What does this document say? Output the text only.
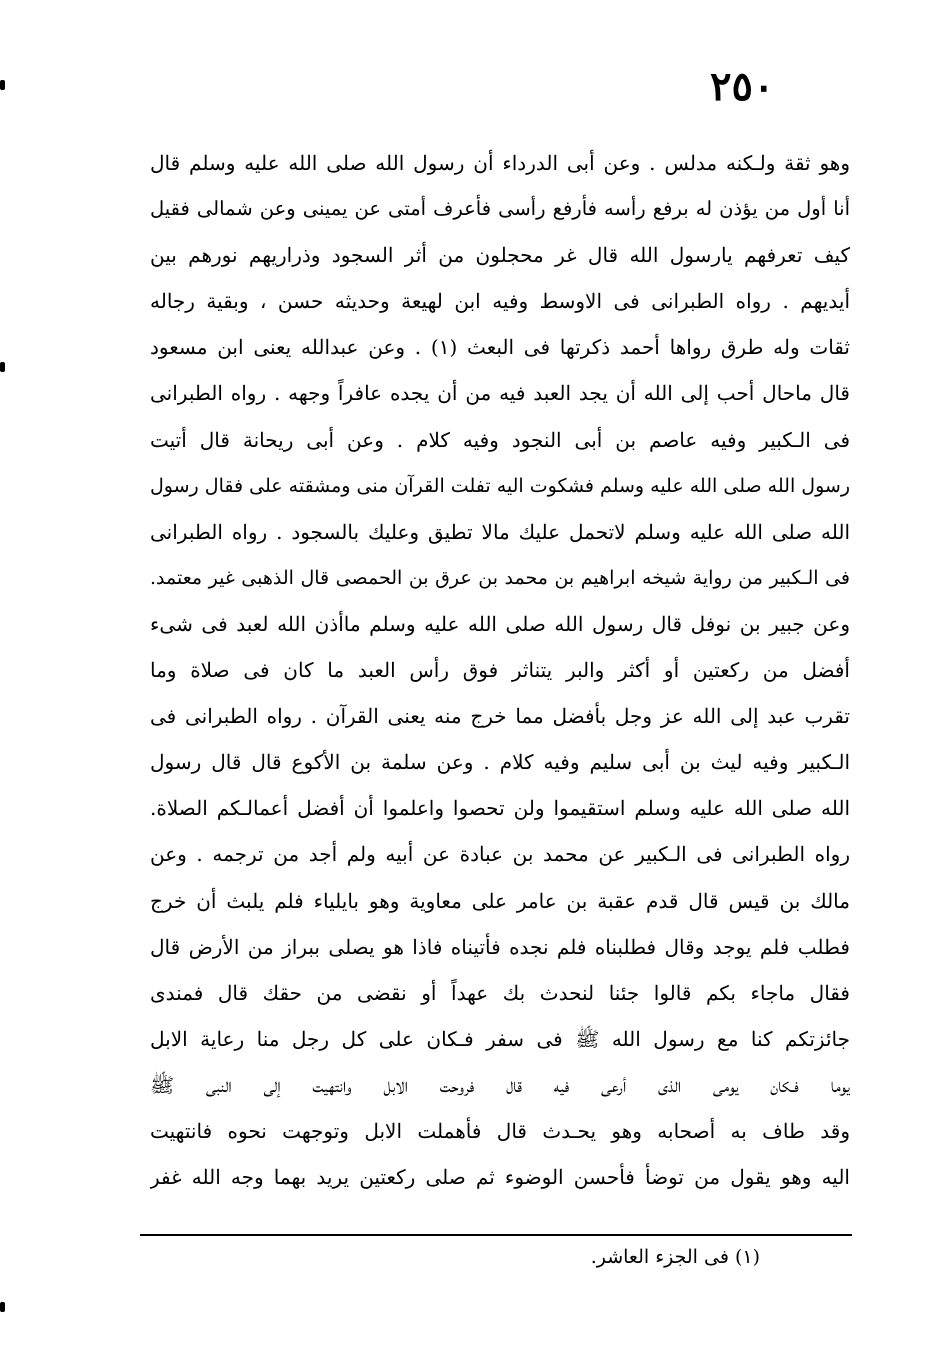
٢٥٠
وهو ثقة ولـكنه مدلس . وعن أبى الدرداء أن رسول الله صلى الله عليه وسلم قال
أنا أول من يؤذن له برفع رأسه فأرفع رأسى فأعرف أمتى عن يمينى وعن شمالى فقيل
كيف تعرفهم يارسول الله قال غر محجلون من أثر السجود وذراريهم نورهم بين
أيديهم . رواه الطبرانى فى الاوسط وفيه ابن لهيعة وحديثه حسن ، وبقية رجاله
ثقات وله طرق رواها أحمد ذكرتها فى البعث (١) . وعن عبدالله يعنى ابن مسعود
قال ماحال أحب إلى الله أن يجد العبد فيه من أن يجده عافراً وجهه . رواه الطبرانى
فى الـكبير وفيه عاصم بن أبى النجود وفيه كلام . وعن أبى ريحانة قال أتيت
رسول الله صلى الله عليه وسلم فشكوت اليه تفلت القرآن منى ومشقته على فقال رسول
الله صلى الله عليه وسلم لاتحمل عليك مالا تطيق وعليك بالسجود . رواه الطبرانى
فى الـكبير من رواية شيخه ابراهيم بن محمد بن عرق بن الحمصى قال الذهبى غير معتمد.
وعن جبير بن نوفل قال رسول الله صلى الله عليه وسلم ماأذن الله لعبد فى شىء
أفضل من ركعتين أو أكثر والبر يتناثر فوق رأس العبد ما كان فى صلاة وما
تقرب عبد إلى الله عز وجل بأفضل مما خرج منه يعنى القرآن . رواه الطبرانى فى
الـكبير وفيه ليث بن أبى سليم وفيه كلام . وعن سلمة بن الأكوع قال قال رسول
الله صلى الله عليه وسلم استقيموا ولن تحصوا واعلموا أن أفضل أعمالـكم الصلاة.
رواه الطبرانى فى الـكبير عن محمد بن عبادة عن أبيه ولم أجد من ترجمه . وعن
مالك بن قيس قال قدم عقبة بن عامر على معاوية وهو بايلياء فلم يلبث أن خرج
فطلب فلم يوجد وقال فطلبناه فلم نجده فأتيناه فاذا هو يصلى ببراز من الأرض قال
فقال ماجاء بكم قالوا جئنا لنحدث بك عهداً أو نقضى من حقك قال فمندى
جائزتكم كنا مع رسول الله ﷺ فى سفر فـكان على كل رجل منا رعاية الابل
يوما فـكان يومى الذى أرعى فيه قال فروحت الابل وانتهيت إلى النبى ﷺ
وقد طاف به أصحابه وهو يحـدث قال فأهملت الابل وتوجهت نحوه فانتهيت
اليه وهو يقول من توضأ فأحسن الوضوء ثم صلى ركعتين يريد بهما وجه الله غفر
(١) فى الجزء العاشر.
